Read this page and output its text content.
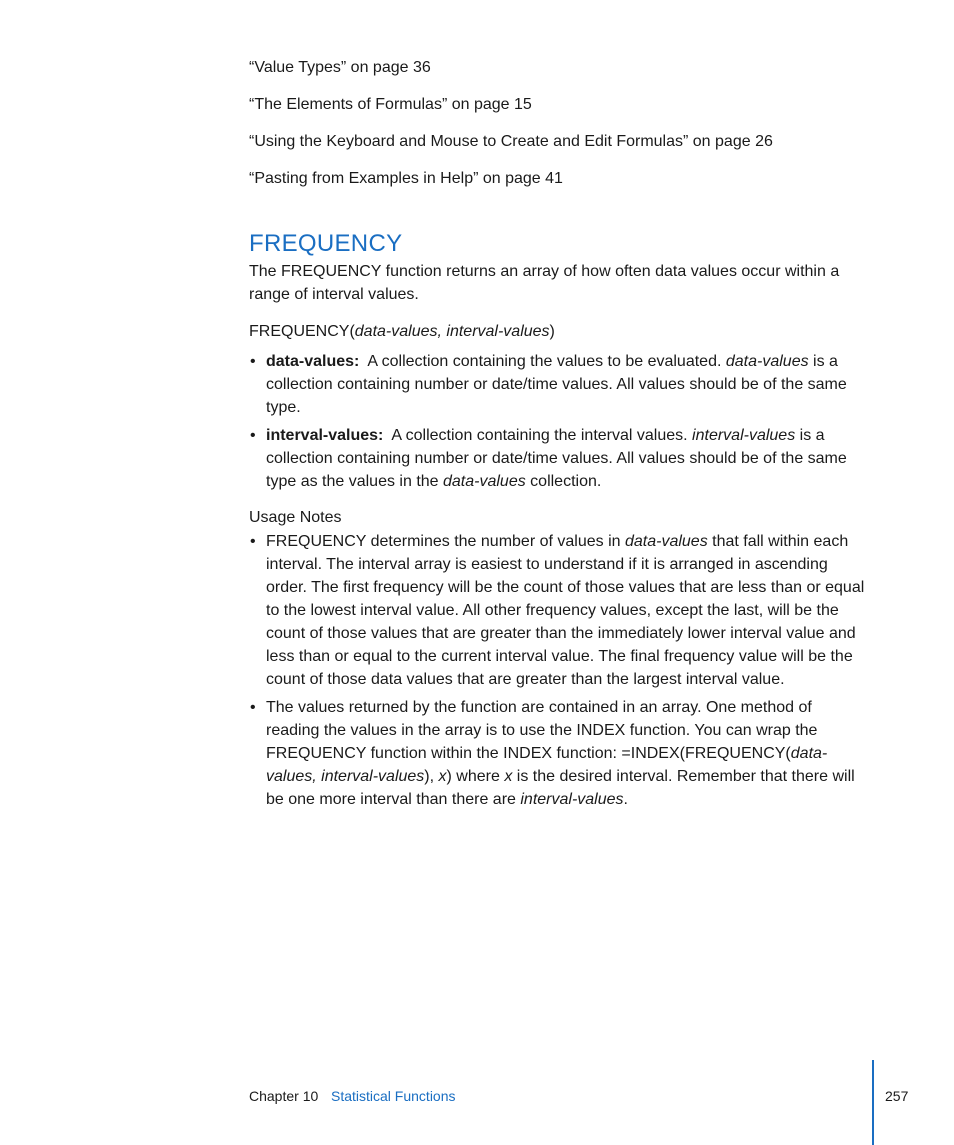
“Value Types” on page 36
“The Elements of Formulas” on page 15
“Using the Keyboard and Mouse to Create and Edit Formulas” on page 26
“Pasting from Examples in Help” on page 41
FREQUENCY

The FREQUENCY function returns an array of how often data values occur within a range of interval values.

FREQUENCY(data-values, interval-values)
• data-values: A collection containing the values to be evaluated. data-values is a collection containing number or date/time values. All values should be of the same type.
• interval-values: A collection containing the interval values. interval-values is a collection containing number or date/time values. All values should be of the same type as the values in the data-values collection.
Usage Notes
• FREQUENCY determines the number of values in data-values that fall within each interval. The interval array is easiest to understand if it is arranged in ascending order. The first frequency will be the count of those values that are less than or equal to the lowest interval value. All other frequency values, except the last, will be the count of those values that are greater than the immediately lower interval value and less than or equal to the current interval value. The final frequency value will be the count of those data values that are greater than the largest interval value.
• The values returned by the function are contained in an array. One method of reading the values in the array is to use the INDEX function. You can wrap the FREQUENCY function within the INDEX function: =INDEX(FREQUENCY(data-values, interval-values), x) where x is the desired interval. Remember that there will be one more interval than there are interval-values.
Chapter 10 Statistical Functions	257
